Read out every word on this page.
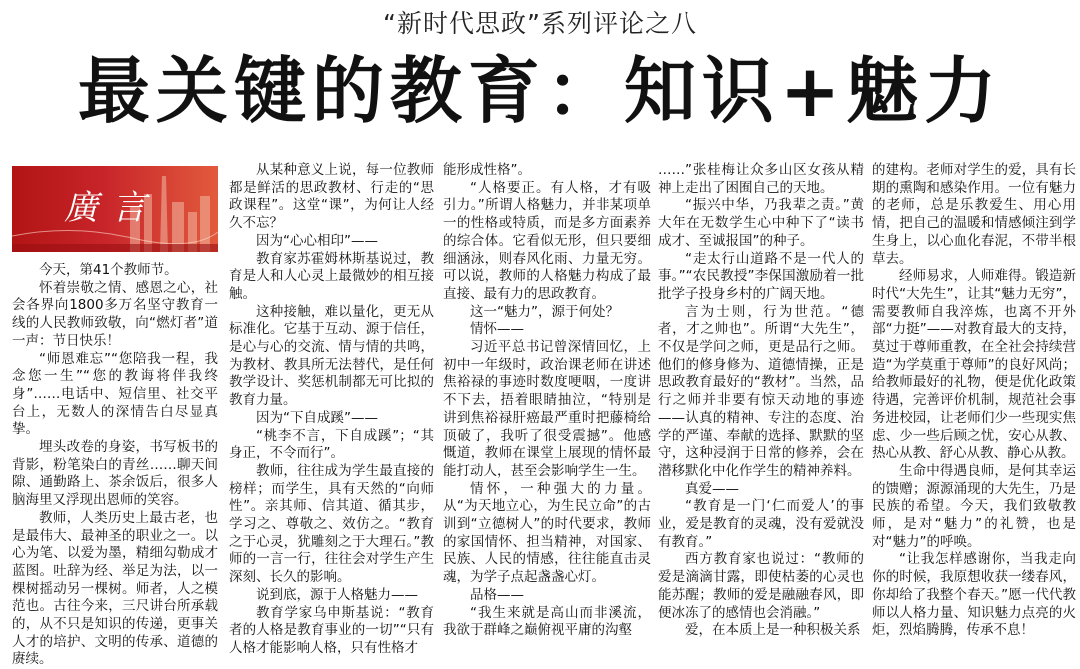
“新时代思政”系列评论之八
最关键的教育：知识+魅力
廣言

今天，第41个教师节。

怀着崇敬之情、感恩之心，社会各界向1800多万名坚守教育一线的人民教师致敬，向“燃灯者”道一声：节日快乐！

“师恩难忘”“您陪我一程，我念您一生”“您的教诲将伴我终身”……电话中、短信里、社交平台上，无数人的深情告白尽显真挚。

埋头改卷的身姿，书写板书的背影，粉笔染白的青丝……聊天间隙、通勤路上、茶余饭后，很多人脑海里又浮现出恩师的笑容。

教师，人类历史上最古老，也是最伟大、最神圣的职业之一。以心为笔、以爱为墨，精细勾勒成才蓝图。吐辞为经、举足为法，以一棵树摇动另一棵树。师者，人之模范也。古往今来，三尺讲台所承载的，从不只是知识的传递，更事关人才的培护、文明的传承、道德的赓续。

从某种意义上说，每一位教师都是鲜活的思政教材、行走的“思政课程”。这堂“课”，为何让人经久不忘？

因为“心心相印”——

教育家苏霍姆林斯基说过，教育是人和人心灵上最微妙的相互接触。

这种接触，难以量化，更无从标准化。它基于互动、源于信任，是心与心的交流、情与情的共鸣，为教材、教具所无法替代，是任何教学设计、奖惩机制都无可比拟的教育力量。

因为“下自成蹊”——

“桃李不言，下自成蹊”；“其身正，不令而行”。

教师，往往成为学生最直接的榜样；而学生，具有天然的“向师性”。亲其师、信其道、循其步，学习之、尊敬之、效仿之。“教育之于心灵，犹雕刻之于大理石。”教师的一言一行，往往会对学生产生深刻、长久的影响。

说到底，源于人格魅力——

教育学家乌申斯基说：“教育者的人格是教育事业的一切”“只有人格才能影响人格，只有性格才

能形成性格”。

“人格要正。有人格，才有吸引力。”所谓人格魅力，并非某项单一的性格或特质，而是多方面素养的综合体。它看似无形，但只要细细涵泳，则春风化雨、力量无穷。可以说，教师的人格魅力构成了最直接、最有力的思政教育。

这一“魅力”，源于何处？

情怀——

习近平总书记曾深情回忆，上初中一年级时，政治课老师在讲述焦裕禄的事迹时数度哽咽，一度讲不下去，捂着眼睛抽泣，“特别是讲到焦裕禄肝癌最严重时把藤椅给顶破了，我听了很受震撼”。他感慨道，教师在课堂上展现的情怀最能打动人，甚至会影响学生一生。

情怀，一种强大的力量。从“为天地立心，为生民立命”的古训到“立德树人”的时代要求，教师的家国情怀、担当精神，对国家、民族、人民的情感，往往能直击灵魂，为学子点起盏盏心灯。

品格——

“我生来就是高山而非溪流，我欲于群峰之巅俯视平庸的沟壑

……”张桂梅让众多山区女孩从精神上走出了困囿自己的天地。

“振兴中华，乃我辈之责。”黄大年在无数学生心中种下了“读书成才、至诚报国”的种子。

“走太行山道路不是一代人的事。”“农民教授”李保国激励着一批批学子投身乡村的广阔天地。

言为士则，行为世范。“德者，才之帅也”。所谓“大先生”，不仅是学问之师，更是品行之师。他们的修身修为、道德情操，正是思政教育最好的“教材”。当然，品行之师并非要有惊天动地的事迹——认真的精神、专注的态度、治学的严谨、奉献的选择、默默的坚守，这种浸润于日常的修养，会在潜移默化中化作学生的精神养料。

真爱——

“教育是一门‘仁而爱人’的事业，爱是教育的灵魂，没有爱就没有教育。”

西方教育家也说过：“教师的爱是滴滴甘露，即使枯萎的心灵也能苏醒；教师的爱是融融春风，即便冰冻了的感情也会消融。”

爱，在本质上是一种积极关系

的建构。老师对学生的爱，具有长期的熏陶和感染作用。一位有魅力的老师，总是乐教爱生、用心用情，把自己的温暖和情感倾注到学生身上，以心血化春泥，不带半根草去。

经师易求，人师难得。锻造新时代“大先生”，让其“魅力无穷”，需要教师自我淬炼，也离不开外部“力挺”——对教育最大的支持，莫过于尊师重教，在全社会持续营造“为学莫重于尊师”的良好风尚；给教师最好的礼物，便是优化政策待遇，完善评价机制，规范社会事务进校园，让老师们少一些现实焦虑、少一些后顾之忧，安心从教、热心从教、舒心从教、静心从教。

生命中得遇良师，是何其幸运的馈赠；源源涌现的大先生，乃是民族的希望。今天，我们致敬教师，是对“魅力”的礼赞，也是对“魅力”的呼唤。

“让我怎样感谢你，当我走向你的时候，我原想收获一缕春风，你却给了我整个春天。”愿一代代教师以人格力量、知识魅力点亮的火炬，烈焰腾腾，传承不息！
